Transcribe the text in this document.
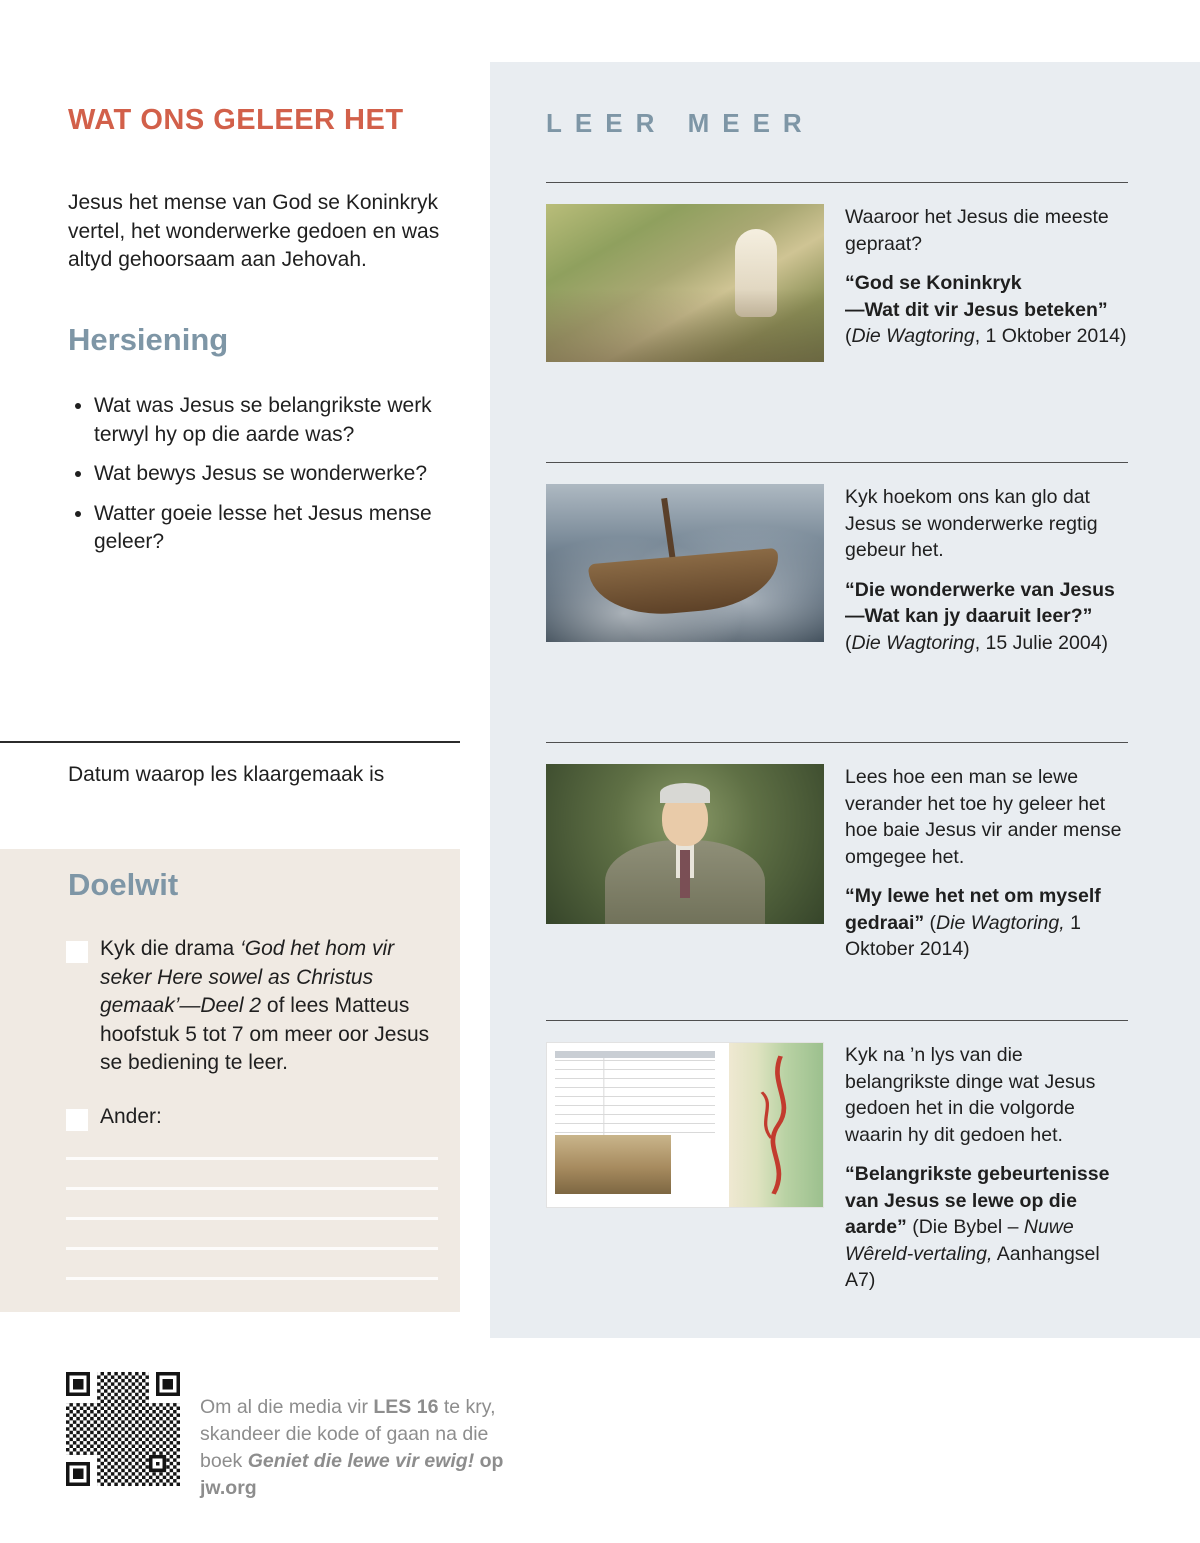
LEER MEER

Waaroor het Jesus die meeste gepraat?

“God se Koninkryk
—Wat dit vir Jesus beteken”
(Die Wagtoring, 1 Oktober 2014)

Kyk hoekom ons kan glo dat Jesus se wonderwerke regtig gebeur het.

“Die wonderwerke van Jesus
—Wat kan jy daaruit leer?”
(Die Wagtoring, 15 Julie 2004)

Lees hoe een man se lewe verander het toe hy geleer het hoe baie Jesus vir ander mense omgegee het.

“My lewe het net om myself gedraai” (Die Wagtoring, 1 Oktober 2014)

Kyk na ’n lys van die belangrikste dinge wat Jesus gedoen het in die volgorde waarin hy dit gedoen het.

“Belangrikste gebeurtenisse van Jesus se lewe op die aarde” (Die Bybel – Nuwe Wêreld-vertaling, Aanhangsel A7)

WAT ONS GELEER HET

Jesus het mense van God se Koninkryk vertel, het wonderwerke gedoen en was altyd gehoorsaam aan Jehovah.

Hersiening
• Wat was Jesus se belangrikste werk terwyl hy op die aarde was?
• Wat bewys Jesus se wonderwerke?
• Watter goeie lesse het Jesus mense geleer?
Datum waarop les klaargemaak is
Doelwit
Kyk die drama ‘God het hom vir seker Here sowel as Christus gemaak’—Deel 2 of lees Matteus hoofstuk 5 tot 7 om meer oor Jesus se bediening te leer.
Ander:
Om al die media vir LES 16 te kry, skandeer die kode of gaan na die boek Geniet die lewe vir ewig! op jw.org
